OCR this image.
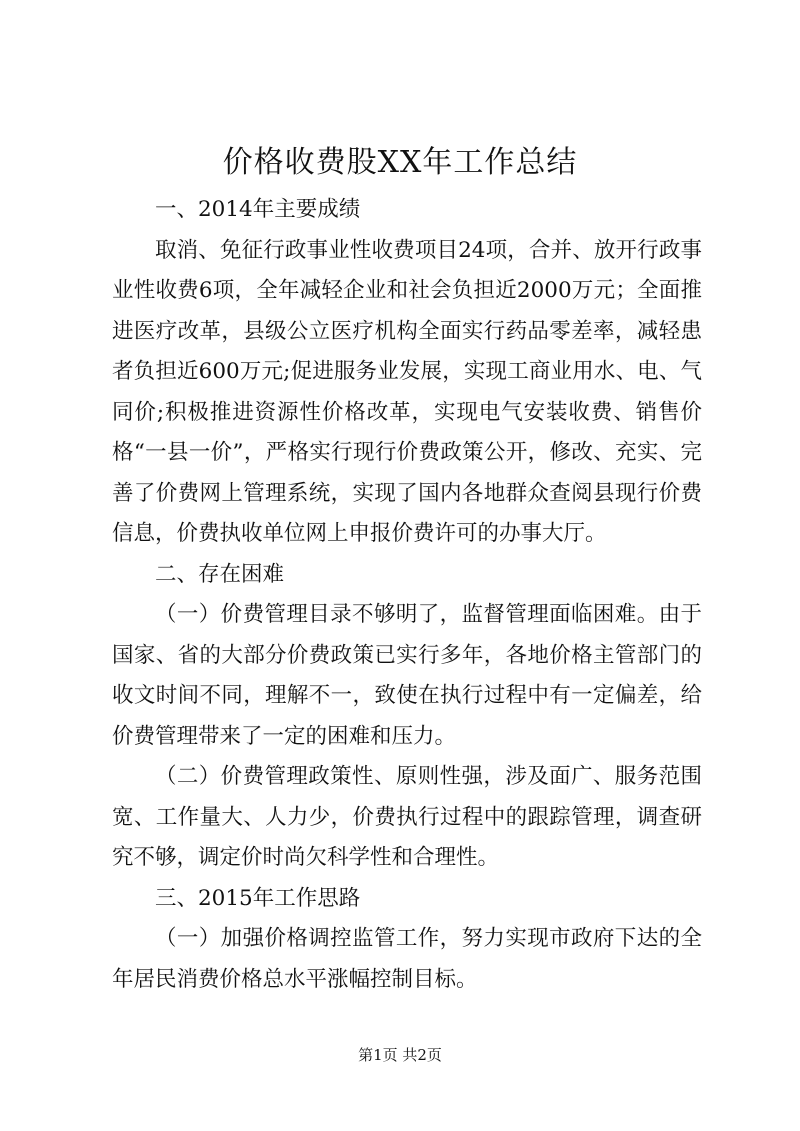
价格收费股XX年工作总结

一、2014年主要成绩

取消、免征行政事业性收费项目24项，合并、放开行政事业性收费6项，全年减轻企业和社会负担近2000万元；全面推进医疗改革，县级公立医疗机构全面实行药品零差率，减轻患者负担近600万元;促进服务业发展，实现工商业用水、电、气同价;积极推进资源性价格改革，实现电气安装收费、销售价格“一县一价”，严格实行现行价费政策公开，修改、充实、完善了价费网上管理系统，实现了国内各地群众查阅县现行价费信息，价费执收单位网上申报价费许可的办事大厅。

二、存在困难

（一）价费管理目录不够明了，监督管理面临困难。由于国家、省的大部分价费政策已实行多年，各地价格主管部门的收文时间不同，理解不一，致使在执行过程中有一定偏差，给价费管理带来了一定的困难和压力。

（二）价费管理政策性、原则性强，涉及面广、服务范围宽、工作量大、人力少，价费执行过程中的跟踪管理，调查研究不够，调定价时尚欠科学性和合理性。

三、2015年工作思路

（一）加强价格调控监管工作，努力实现市政府下达的全年居民消费价格总水平涨幅控制目标。

第1页 共2页
